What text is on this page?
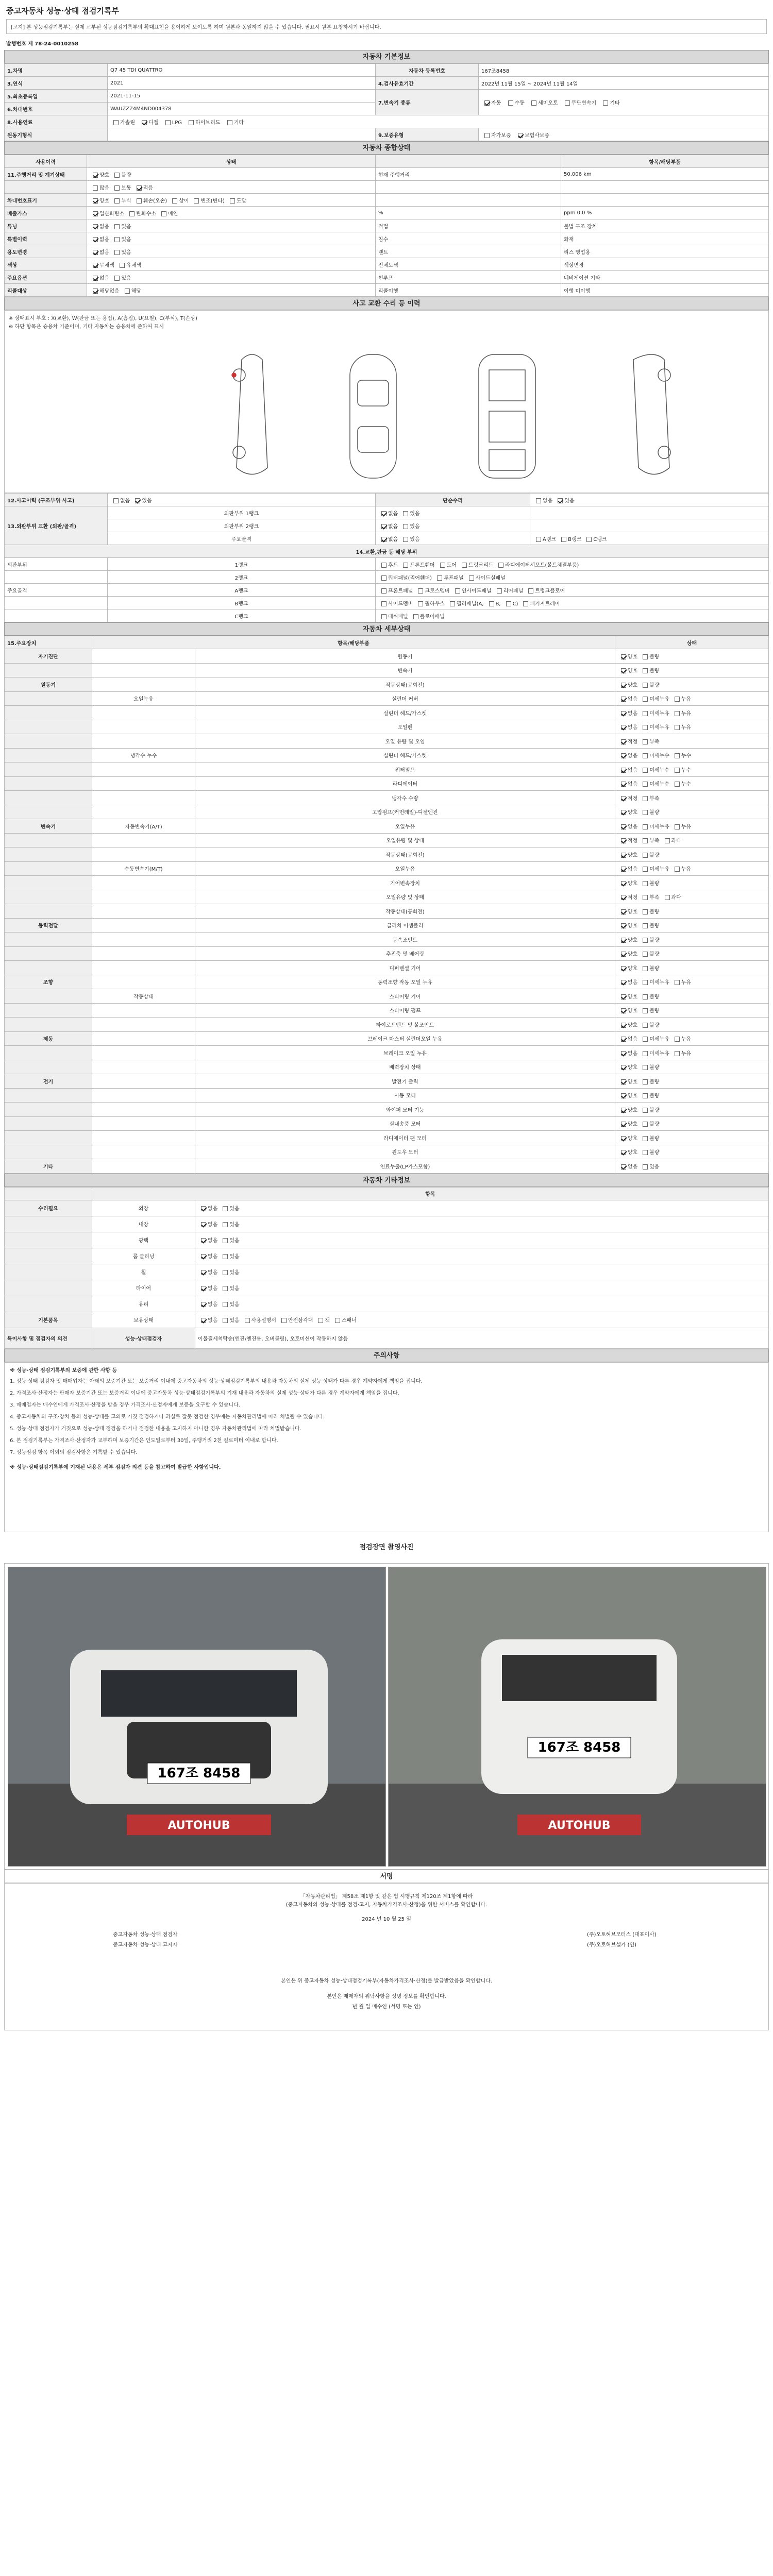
중고자동차 성능·상태 점검기록부
[고지] 본 성능점검기록부는 실제 교부된 성능점검기록부의 확대표현을 용이하게 보이도록 하며 원본과 동일하지 않을 수 있습니다. 필요시 원본 요청하시기 바랍니다.
발행번호 제 78-24-0010258
자동차 기본정보
1.차명	Q7 45 TDI QUATTRO	자동차 등록번호	167조8458
3.연식	2021	4.검사유효기간	2022년 11월 15일 ~ 2024년 11월 14일
5.최초등록일	2021-11-15	7.변속기 종류	자동 수동 세미오토 무단변속기 기타
6.차대번호	WAUZZZ4M4ND004378		
8.사용연료	가솔린 디젤 LPG 하이브리드 기타		
원동기형식		9.보증유형	자가보증 보험사보증
자동차 종합상태
사용이력	상태		항목/해당부품
11.주행거리 및 계기상태	양호 불량	현재 주행거리	50,006 km
	많음 보통 적음		
차대번호표기	양호 부식 훼손(오손) 상이 변조(변타) 도말		
배출가스	일산화탄소 탄화수소 매연	%	ppm 0.0 %
튜닝	없음 있음	적법	불법 구조 장치
특별이력	없음 있음	침수	화재
용도변경	없음 있음	렌트	리스 영업용
색상	무채색 유채색	전체도색	색상변경
주요옵션	없음 있음	썬루프	네비게이션 기타
리콜대상	해당없음 해당	리콜이행	이행 미이행
사고 교환 수리 등 이력
※ 상태표시 부호 : X(교환), W(판금 또는 용접), A(흠집), U(요철), C(부식), T(손상)
※ 하단 항목은 승용차 기준이며, 기타 자동차는 승용차에 준하여 표시
12.사고이력 (구조부위 사고)	없음 있음	단순수리	없음 있음
13.외판부위 교환 (외판/골격)	외판부위 1랭크	없음 있음	
	외판부위 2랭크	없음 있음	
	주요골격	없음 있음	A랭크 B랭크 C랭크
14.교환,판금 등 해당 부위			
외판부위	1랭크	후드 프론트휀더 도어 트렁크리드 라디에이터서포트(볼트체결부품)	
	2랭크	쿼터패널(리어휀더) 루프패널 사이드실패널	
주요골격	A랭크	프론트패널 크로스멤버 인사이드패널 리어패널 트렁크플로어	
	B랭크	사이드멤버 휠하우스 필러패널(A, B, C) 패키지트레이	
	C랭크	대쉬패널 플로어패널	
자동차 세부상태
15.주요장치	항목/해당부품		상태
자기진단		원동기	양호 불량
		변속기	양호 불량
원동기		작동상태(공회전)	양호 불량
	오일누유	실린더 커버	없음 미세누유 누유
		실린더 헤드/가스켓	없음 미세누유 누유
		오일펜	없음 미세누유 누유
		오일 유량 및 오염	적정 부족
	냉각수 누수	실린더 헤드/가스켓	없음 미세누수 누수
		워터펌프	없음 미세누수 누수
		라디에이터	없음 미세누수 누수
		냉각수 수량	적정 부족
		고압펌프(커먼레일)-디젤엔진	양호 불량
변속기	자동변속기(A/T)	오일누유	없음 미세누유 누유
		오일유량 및 상태	적정 부족 과다
		작동상태(공회전)	양호 불량
	수동변속기(M/T)	오일누유	없음 미세누유 누유
		기어변속장치	양호 불량
		오일유량 및 상태	적정 부족 과다
		작동상태(공회전)	양호 불량
동력전달		클러치 어셈블리	양호 불량
		등속조인트	양호 불량
		추진축 및 베어링	양호 불량
		디퍼렌셜 기어	양호 불량
조향		동력조향 작동 오일 누유	없음 미세누유 누유
	작동상태	스티어링 기어	양호 불량
		스티어링 펌프	양호 불량
		타이로드엔드 및 볼조인트	양호 불량
제동		브레이크 마스터 실린더오일 누유	없음 미세누유 누유
		브레이크 오일 누유	없음 미세누유 누유
		배력장치 상태	양호 불량
전기		발전기 출력	양호 불량
		시동 모터	양호 불량
		와이퍼 모터 기능	양호 불량
		실내송풍 모터	양호 불량
		라디에이터 팬 모터	양호 불량
		윈도우 모터	양호 불량
기타		연료누출(LP가스포함)	없음 있음
자동차 기타정보
	항목	
수리필요	외장	없음 있음
	내장	없음 있음
	광택	없음 있음
	룸 클리닝	없음 있음
	휠	없음 있음
	타이어	없음 있음
	유리	없음 있음
기본품목	보유상태	없음 있음 사용설명서 안전삼각대 잭 스패너
특이사항 및 점검자의 의견	성능·상태점검자	이물질세척탁송(엔진/엔진룸, 오버쿨링), 오토미션이 작동하지 않음
주의사항
※ 성능·상태 점검기록부의 보증에 관한 사항 등
1. 성능·상태 점검자 및 매매업자는 아래의 보증기간 또는 보증거리 이내에 중고자동차의 성능·상태점검기록부의 내용과 자동차의 실제 성능 상태가 다른 경우 계약자에게 책임을 집니다.
2. 가격조사·산정자는 판매자 보증기간 또는 보증거리 이내에 중고자동차 성능·상태점검기록부의 기재 내용과 자동차의 실제 성능·상태가 다른 경우 계약자에게 책임을 집니다.
3. 매매업자는 매수인에게 가격조사·산정을 받을 경우 가격조사·산정자에게 보증을 요구할 수 있습니다.
4. 중고자동차의 구조·장치 등의 성능·상태를 고의로 거짓 점검하거나 과실로 잘못 점검한 경우에는 자동차관리법에 따라 처벌될 수 있습니다.
5. 성능·상태 점검자가 거짓으로 성능·상태 점검을 하거나 점검한 내용을 고지하지 아니한 경우 자동차관리법에 따라 처벌받습니다.
6. 본 점검기록부는 가격조사·산정자가 교부하며 보증기간은 인도일로부터 30일, 주행거리 2천 킬로미터 이내로 합니다.
7. 성능점검 항목 이외의 점검사항은 기록할 수 있습니다.
※ 성능·상태점검기록부에 기재된 내용은 세부 점검자 의견 등을 참고하여 발급한 사항입니다.
점검장면 촬영사진
167조 8458
AUTOHUB
167조 8458
AUTOHUB
서명
「자동차관리법」 제58조 제1항 및 같은 법 시행규칙 제120조 제1항에 따라
(중고자동차의 성능·상태를 점검·고지, 자동차가격조사·산정)을 위한 서비스를 확인합니다.
2024 년 10 월 25 일
중고자동차 성능·상태 점검자	(주)오토허브모터스 (대표이사)
중고자동차 성능·상태 고지자	(주)오토허브셀카 (인)
본인은 위 중고자동차 성능·상태점검기록부(자동차가격조사·산정)를 발급받았음을 확인합니다.
본인은 매매자의 위탁사항을 성명 정보를 확인합니다.
년 월 일 매수인 (서명 또는 인)
